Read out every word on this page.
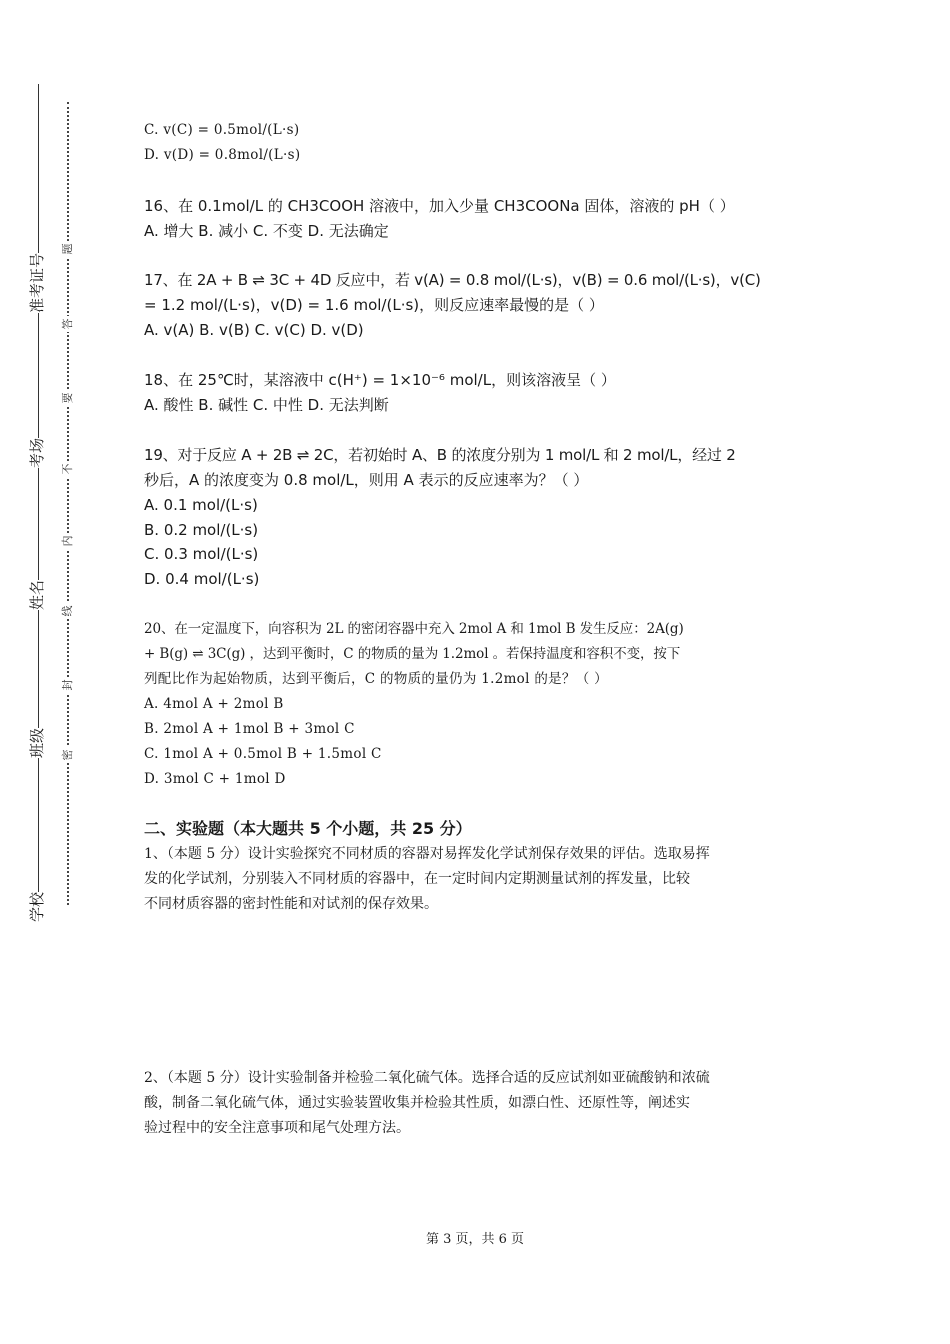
准考证号
考场
姓名
班级
学校
题
答
要
不
内
线
封
密
C. v(C) = 0.5mol/(L·s)
D. v(D) = 0.8mol/(L·s)
16、在 0.1mol/L 的 CH3COOH 溶液中，加入少量 CH3COONa 固体，溶液的 pH（ ）
A. 增大 B. 减小 C. 不变 D. 无法确定
17、在 2A + B ⇌ 3C + 4D 反应中，若 v(A) = 0.8 mol/(L·s)，v(B) = 0.6 mol/(L·s)，v(C)
= 1.2 mol/(L·s)，v(D) = 1.6 mol/(L·s)，则反应速率最慢的是（ ）
A. v(A) B. v(B) C. v(C) D. v(D)
18、在 25℃时，某溶液中 c(H⁺) = 1×10⁻⁶ mol/L，则该溶液呈（ ）
A. 酸性 B. 碱性 C. 中性 D. 无法判断
19、对于反应 A + 2B ⇌ 2C，若初始时 A、B 的浓度分别为 1 mol/L 和 2 mol/L，经过 2
秒后，A 的浓度变为 0.8 mol/L，则用 A 表示的反应速率为？（ ）
A. 0.1 mol/(L·s)
B. 0.2 mol/(L·s)
C. 0.3 mol/(L·s)
D. 0.4 mol/(L·s)
20、在一定温度下，向容积为 2L 的密闭容器中充入 2mol A 和 1mol B 发生反应：2A(g)
+ B(g) ⇌ 3C(g) ，达到平衡时，C 的物质的量为 1.2mol 。若保持温度和容积不变，按下
列配比作为起始物质，达到平衡后，C 的物质的量仍为 1.2mol 的是？（ ）
A. 4mol A + 2mol B
B. 2mol A + 1mol B + 3mol C
C. 1mol A + 0.5mol B + 1.5mol C
D. 3mol C + 1mol D
二、实验题（本大题共 5 个小题，共 25 分）
1、（本题 5 分）设计实验探究不同材质的容器对易挥发化学试剂保存效果的评估。选取易挥
发的化学试剂，分别装入不同材质的容器中，在一定时间内定期测量试剂的挥发量，比较
不同材质容器的密封性能和对试剂的保存效果。
2、（本题 5 分）设计实验制备并检验二氧化硫气体。选择合适的反应试剂如亚硫酸钠和浓硫
酸，制备二氧化硫气体，通过实验装置收集并检验其性质，如漂白性、还原性等，阐述实
验过程中的安全注意事项和尾气处理方法。
第 3 页，共 6 页
